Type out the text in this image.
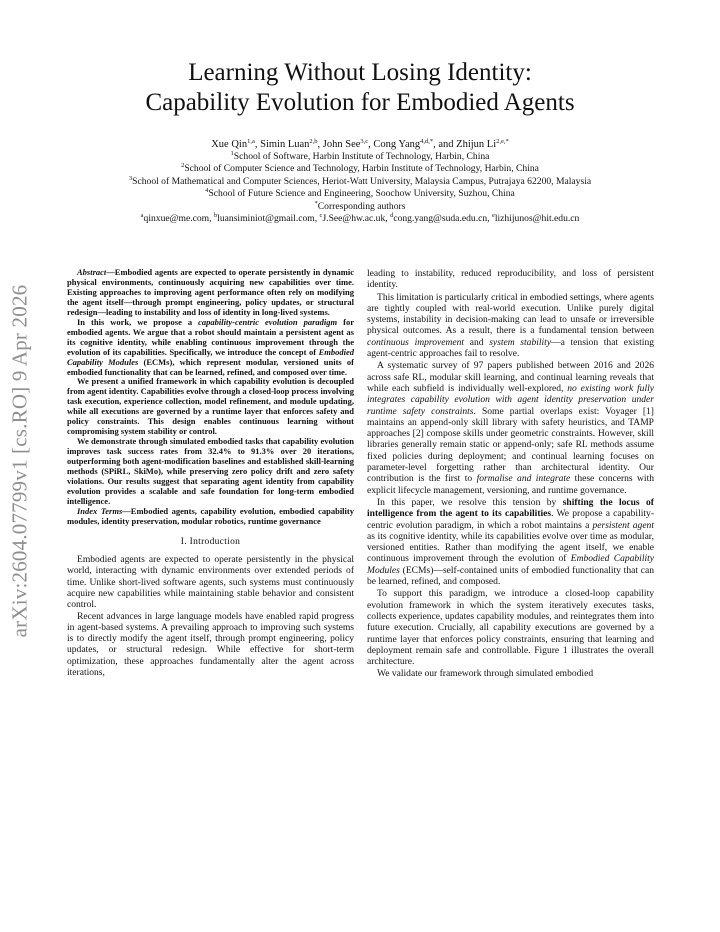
arXiv:2604.07799v1 [cs.RO] 9 Apr 2026
Learning Without Losing Identity:
Capability Evolution for Embodied Agents
Xue Qin$^{1,a}$, Simin Luan$^{2,b}$, John See$^{3,c}$, Cong Yang$^{4,d,*}$, and Zhijun $Li^{2,e,*}$
$^1$School of Software, Harbin Institute of Technology, Harbin, China
$^2$School of Computer Science and Technology, Harbin Institute of Technology, Harbin, China
$^3$School of Mathematical and Computer Sciences, Heriot-Watt University, Malaysia Campus, Putrajaya 62200, Malaysia
$^4$School of Future Science and Engineering, Soochow University, Suzhou, China
*Corresponding authors
$^a$qinxue@me.com, $^b$luansiminiot@gmail.com, $^c$J.See@hw.ac.uk, $^d$cong.yang@suda.edu.cn, $^e$lizhijunos@hit.edu.cn

Abstract—Embodied agents are expected to operate persistently in dynamic physical environments, continuously acquiring new capabilities over time. Existing approaches to improving agent performance often rely on modifying the agent itself—through prompt engineering, policy updates, or structural redesign—leading to instability and loss of identity in long-lived systems.

In this work, we propose a capability-centric evolution paradigm for embodied agents. We argue that a robot should maintain a persistent agent as its cognitive identity, while enabling continuous improvement through the evolution of its capabilities. Specifically, we introduce the concept of Embodied Capability Modules (ECMs), which represent modular, versioned units of embodied functionality that can be learned, refined, and composed over time.

We present a unified framework in which capability evolution is decoupled from agent identity. Capabilities evolve through a closed-loop process involving task execution, experience collection, model refinement, and module updating, while all executions are governed by a runtime layer that enforces safety and policy constraints. This design enables continuous learning without compromising system stability or control.

We demonstrate through simulated embodied tasks that capability evolution improves task success rates from 32.4% to 91.3% over 20 iterations, outperforming both agent-modification baselines and established skill-learning methods (SPiRL, SkiMo), while preserving zero policy drift and zero safety violations. Our results suggest that separating agent identity from capability evolution provides a scalable and safe foundation for long-term embodied intelligence.

Index Terms—Embodied agents, capability evolution, embodied capability modules, identity preservation, modular robotics, runtime governance

I. Introduction

Embodied agents are expected to operate persistently in the physical world, interacting with dynamic environments over extended periods of time. Unlike short-lived software agents, such systems must continuously acquire new capabilities while maintaining stable behavior and consistent control.

Recent advances in large language models have enabled rapid progress in agent-based systems. A prevailing approach to improving such systems is to directly modify the agent itself, through prompt engineering, policy updates, or structural redesign. While effective for short-term optimization, these approaches fundamentally alter the agent across iterations,

leading to instability, reduced reproducibility, and loss of persistent identity.

This limitation is particularly critical in embodied settings, where agents are tightly coupled with real-world execution. Unlike purely digital systems, instability in decision-making can lead to unsafe or irreversible physical outcomes. As a result, there is a fundamental tension between continuous improvement and system stability—a tension that existing agent-centric approaches fail to resolve.

A systematic survey of 97 papers published between 2016 and 2026 across safe RL, modular skill learning, and continual learning reveals that while each subfield is individually well-explored, no existing work fully integrates capability evolution with agent identity preservation under runtime safety constraints. Some partial overlaps exist: Voyager [1] maintains an append-only skill library with safety heuristics, and TAMP approaches [2] compose skills under geometric constraints. However, skill libraries generally remain static or append-only; safe RL methods assume fixed policies during deployment; and continual learning focuses on parameter-level forgetting rather than architectural identity. Our contribution is the first to formalise and integrate these concerns with explicit lifecycle management, versioning, and runtime governance.

In this paper, we resolve this tension by shifting the locus of intelligence from the agent to its capabilities. We propose a capability-centric evolution paradigm, in which a robot maintains a persistent agent as its cognitive identity, while its capabilities evolve over time as modular, versioned entities. Rather than modifying the agent itself, we enable continuous improvement through the evolution of Embodied Capability Modules (ECMs)—self-contained units of embodied functionality that can be learned, refined, and composed.

To support this paradigm, we introduce a closed-loop capability evolution framework in which the system iteratively executes tasks, collects experience, updates capability modules, and reintegrates them into future execution. Crucially, all capability executions are governed by a runtime layer that enforces policy constraints, ensuring that learning and deployment remain safe and controllable. Figure 1 illustrates the overall architecture.

We validate our framework through simulated embodied
